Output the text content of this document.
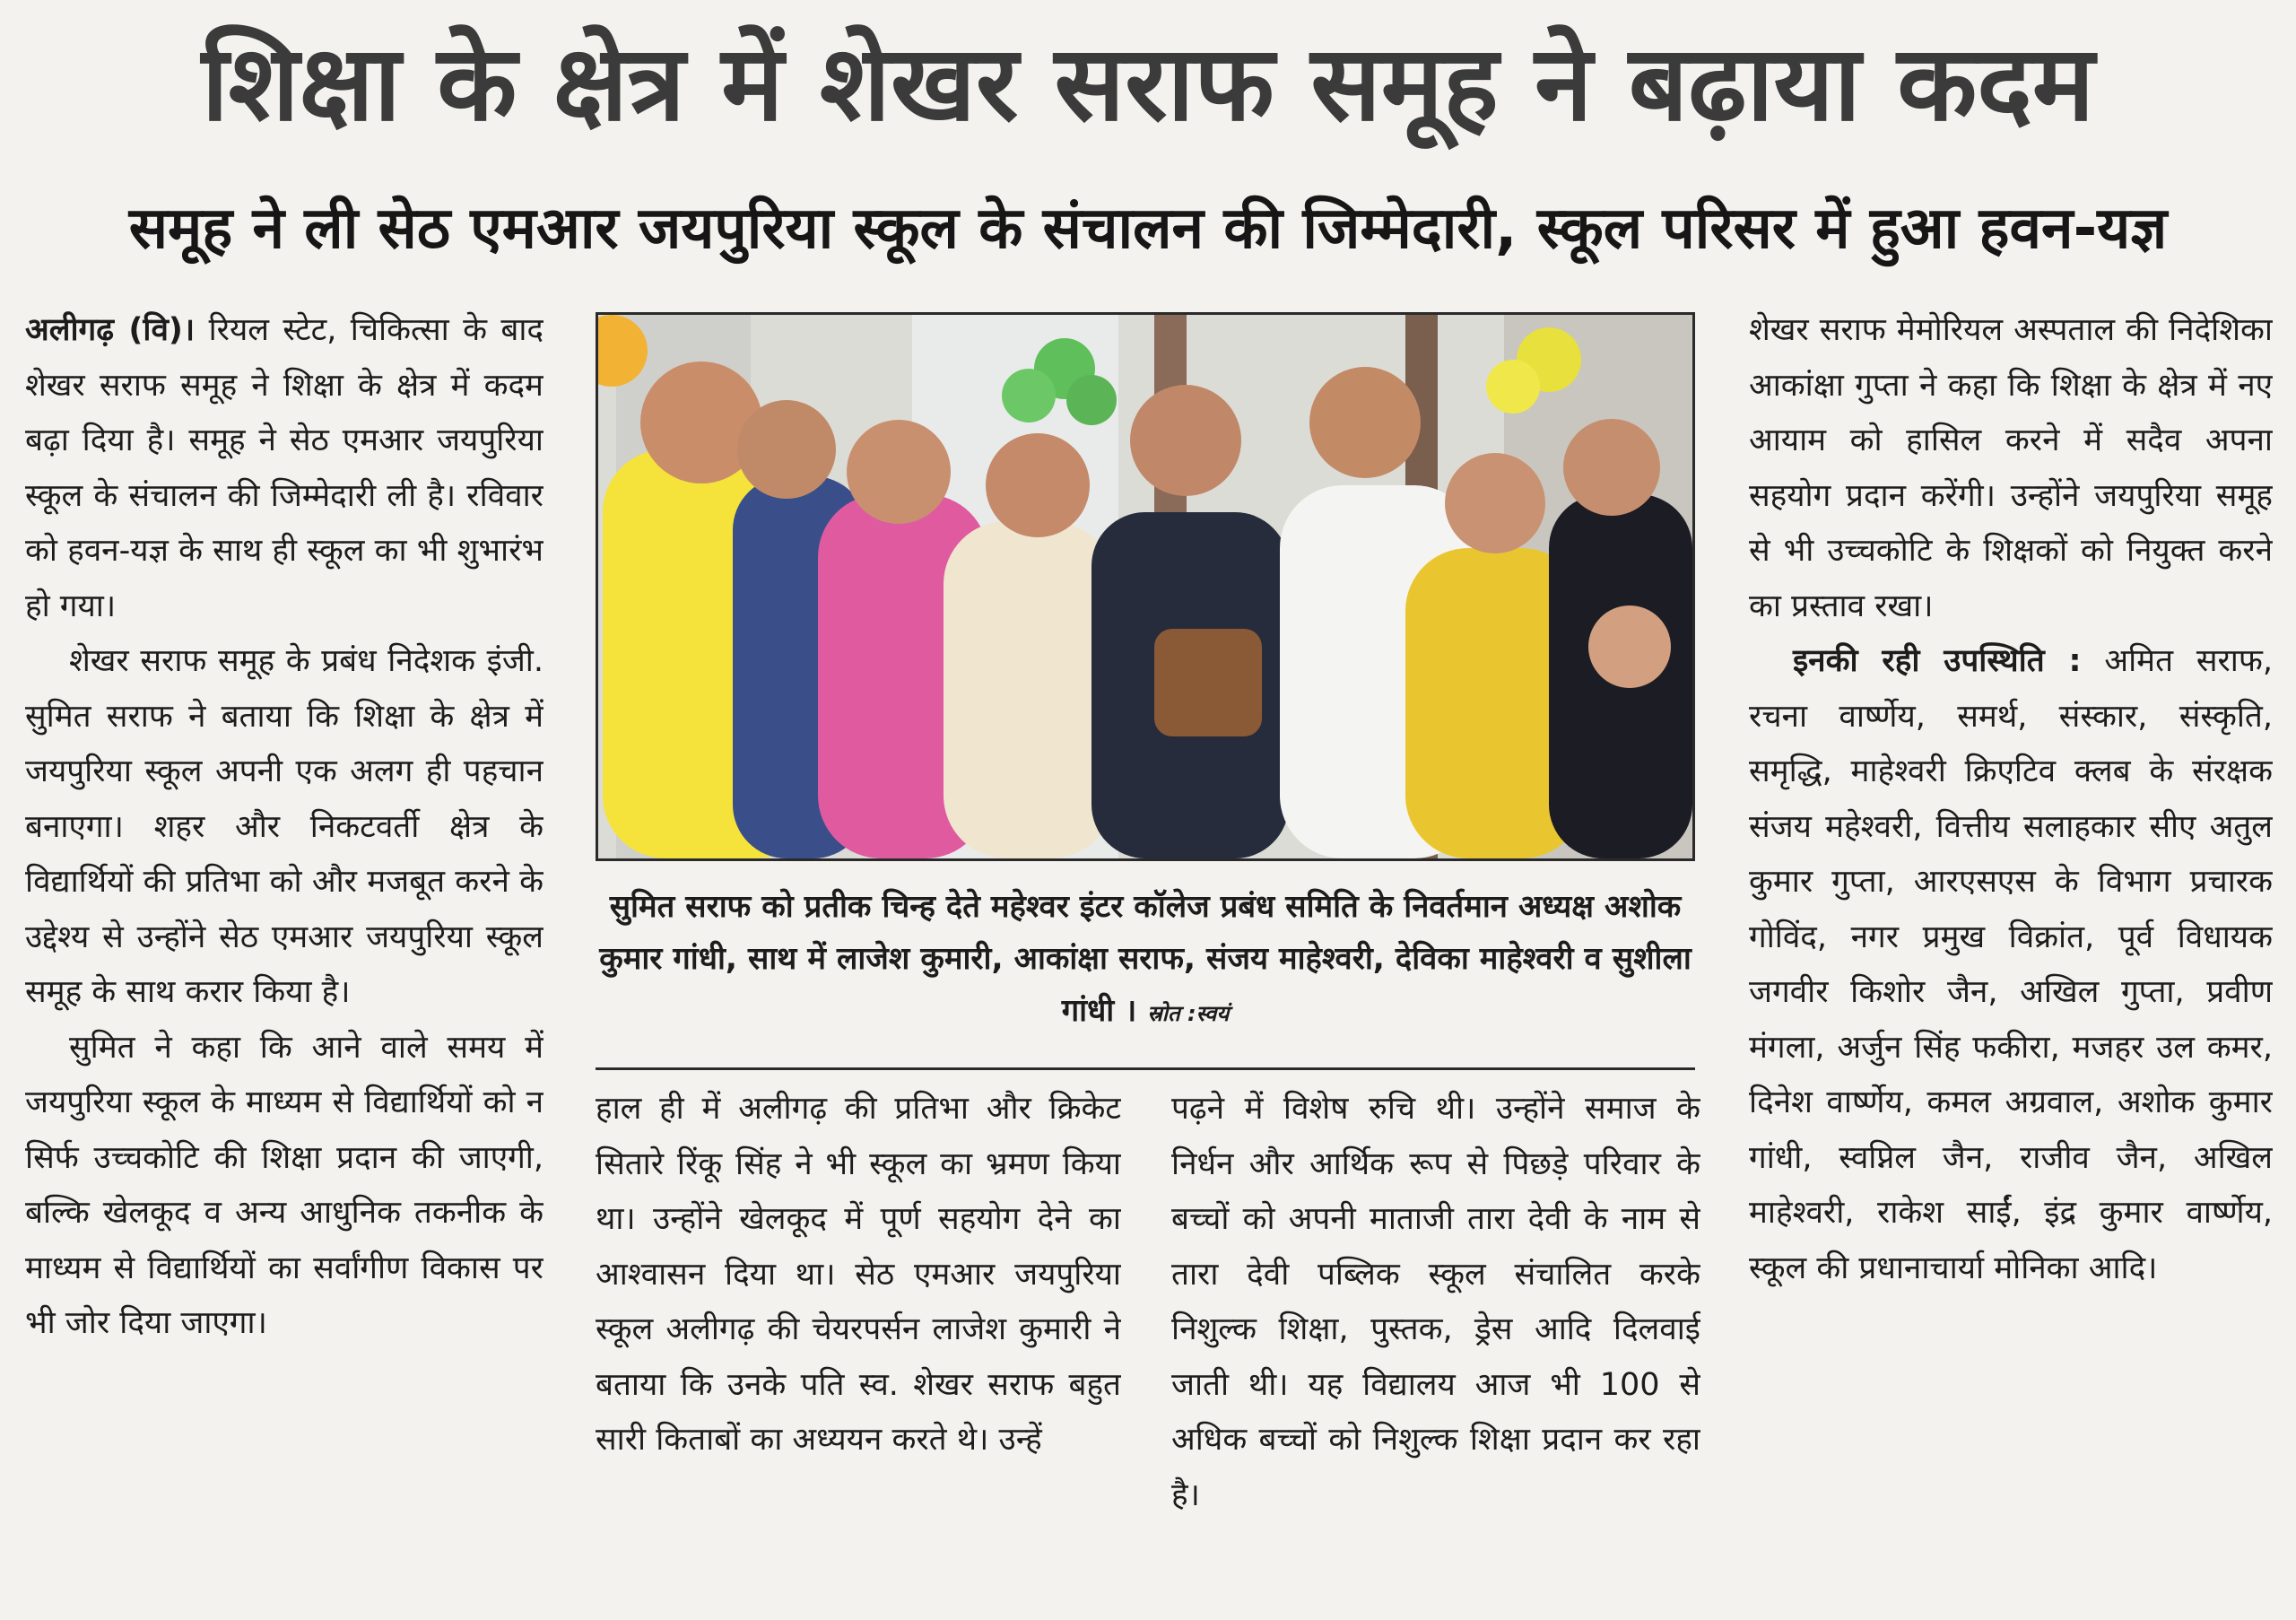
शिक्षा के क्षेत्र में शेखर सराफ समूह ने बढ़ाया कदम
समूह ने ली सेठ एमआर जयपुरिया स्कूल के संचालन की जिम्मेदारी, स्कूल परिसर में हुआ हवन-यज्ञ

अलीगढ़ (वि)। रियल स्टेट, चिकित्सा के बाद शेखर सराफ समूह ने शिक्षा के क्षेत्र में कदम बढ़ा दिया है। समूह ने सेठ एमआर जयपुरिया स्कूल के संचालन की जिम्मेदारी ली है। रविवार को हवन-यज्ञ के साथ ही स्कूल का भी शुभारंभ हो गया।

शेखर सराफ समूह के प्रबंध निदेशक इंजी. सुमित सराफ ने बताया कि शिक्षा के क्षेत्र में जयपुरिया स्कूल अपनी एक अलग ही पहचान बनाएगा। शहर और निकटवर्ती क्षेत्र के विद्यार्थियों की प्रतिभा को और मजबूत करने के उद्देश्य से उन्होंने सेठ एमआर जयपुरिया स्कूल समूह के साथ करार किया है।

सुमित ने कहा कि आने वाले समय में जयपुरिया स्कूल के माध्यम से विद्यार्थियों को न सिर्फ उच्चकोटि की शिक्षा प्रदान की जाएगी, बल्कि खेलकूद व अन्य आधुनिक तकनीक के माध्यम से विद्यार्थियों का सर्वांगीण विकास पर भी जोर दिया जाएगा।

सुमित सराफ को प्रतीक चिन्ह देते महेश्वर इंटर कॉलेज प्रबंध समिति के निवर्तमान अध्यक्ष अशोक कुमार गांधी, साथ में लाजेश कुमारी, आकांक्षा सराफ, संजय माहेश्वरी, देविका माहेश्वरी व सुशीला गांधी । स्रोत :स्वयं

हाल ही में अलीगढ़ की प्रतिभा और क्रिकेट सितारे रिंकू सिंह ने भी स्कूल का भ्रमण किया था। उन्होंने खेलकूद में पूर्ण सहयोग देने का आश्वासन दिया था। सेठ एमआर जयपुरिया स्कूल अलीगढ़ की चेयरपर्सन लाजेश कुमारी ने बताया कि उनके पति स्व. शेखर सराफ बहुत सारी किताबों का अध्ययन करते थे। उन्हें

पढ़ने में विशेष रुचि थी। उन्होंने समाज के निर्धन और आर्थिक रूप से पिछड़े परिवार के बच्चों को अपनी माताजी तारा देवी के नाम से तारा देवी पब्लिक स्कूल संचालित करके निशुल्क शिक्षा, पुस्तक, ड्रेस आदि दिलवाई जाती थी। यह विद्यालय आज भी 100 से अधिक बच्चों को निशुल्क शिक्षा प्रदान कर रहा है।

शेखर सराफ मेमोरियल अस्पताल की निदेशिका आकांक्षा गुप्ता ने कहा कि शिक्षा के क्षेत्र में नए आयाम को हासिल करने में सदैव अपना सहयोग प्रदान करेंगी। उन्होंने जयपुरिया समूह से भी उच्चकोटि के शिक्षकों को नियुक्त करने का प्रस्ताव रखा।

इनकी रही उपस्थिति : अमित सराफ, रचना वार्ष्णेय, समर्थ, संस्कार, संस्कृति, समृद्धि, माहेश्वरी क्रिएटिव क्लब के संरक्षक संजय महेश्वरी, वित्तीय सलाहकार सीए अतुल कुमार गुप्ता, आरएसएस के विभाग प्रचारक गोविंद, नगर प्रमुख विक्रांत, पूर्व विधायक जगवीर किशोर जैन, अखिल गुप्ता, प्रवीण मंगला, अर्जुन सिंह फकीरा, मजहर उल कमर, दिनेश वार्ष्णेय, कमल अग्रवाल, अशोक कुमार गांधी, स्वप्निल जैन, राजीव जैन, अखिल माहेश्वरी, राकेश साईं, इंद्र कुमार वार्ष्णेय, स्कूल की प्रधानाचार्या मोनिका आदि।
